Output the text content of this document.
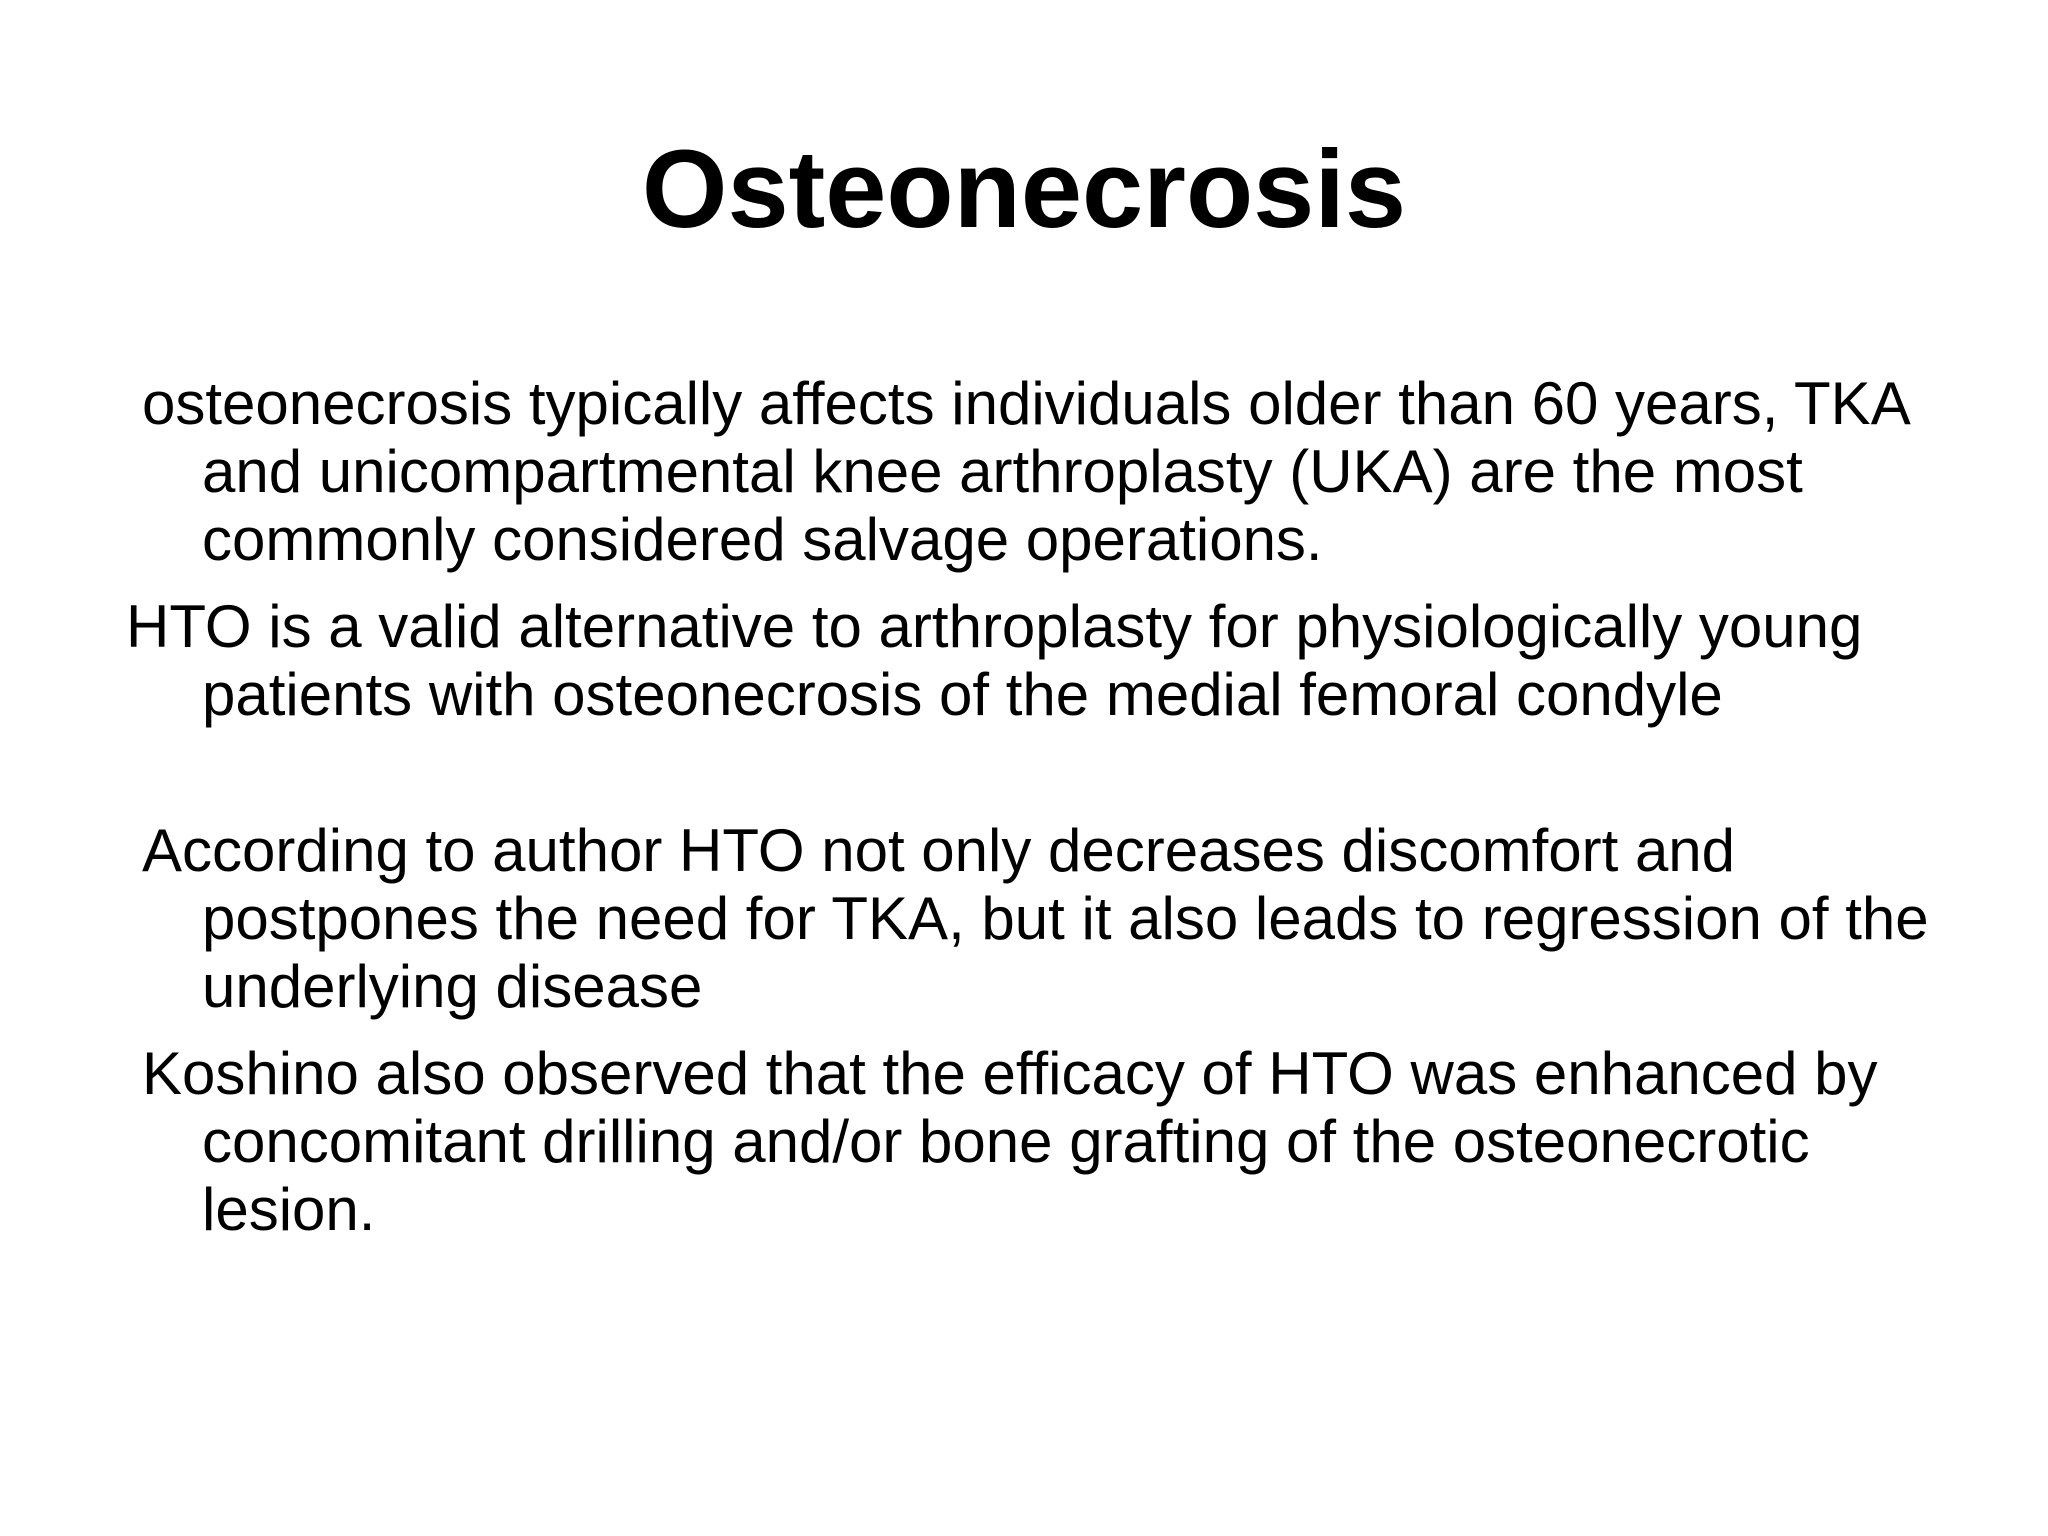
Osteonecrosis

osteonecrosis typically affects individuals older than 60 years, TKA and unicompartmental knee arthroplasty (UKA) are the most commonly considered salvage operations.

HTO is a valid alternative to arthroplasty for physiologically young patients with osteonecrosis of the medial femoral condyle

According to author HTO not only decreases discomfort and postpones the need for TKA, but it also leads to regression of the underlying disease

Koshino also observed that the efficacy of HTO was enhanced by concomitant drilling and/or bone grafting of the osteonecrotic lesion.
